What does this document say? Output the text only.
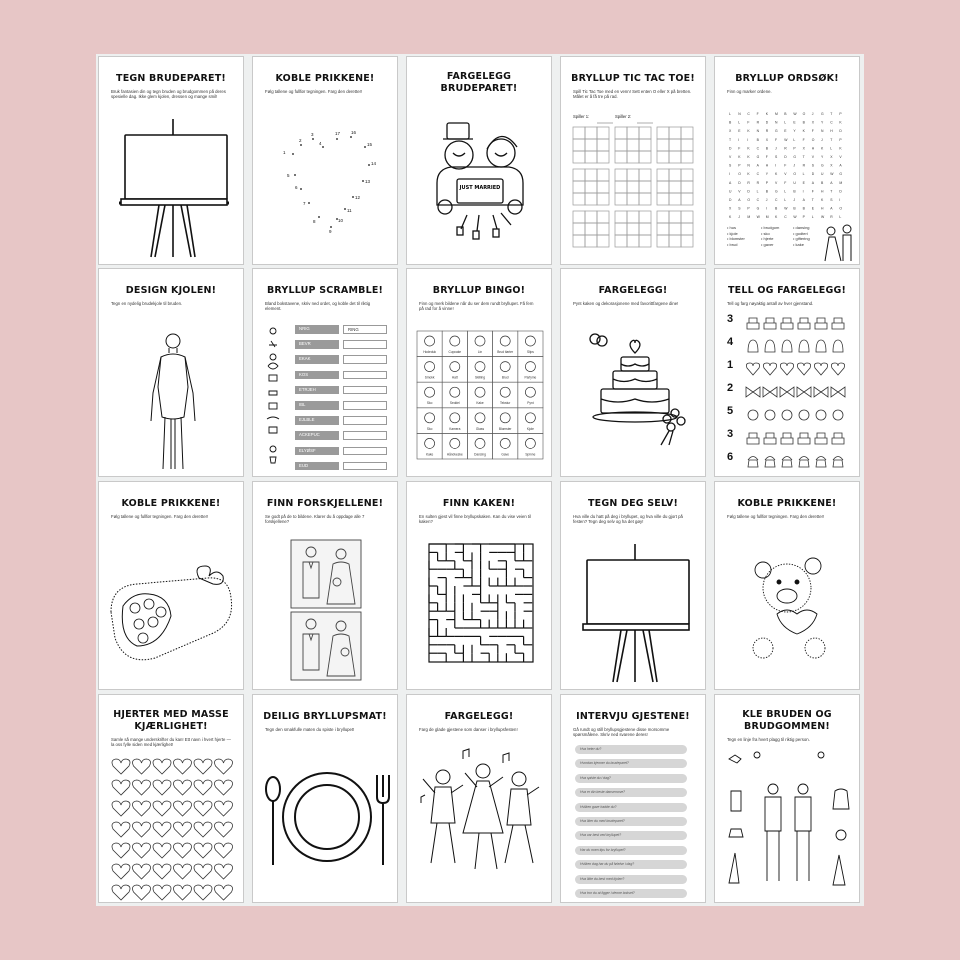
TEGN BRUDEPARET!
Bruk fantasien din og tegn bruden og brudgommen på deres spesielle dag. Ikke glem kjolen, dressen og mange smil!
KOBLE PRIKKENE!
Følg tallene og fullfør tegningen. Farg den deretter!
1
2
3
4
17 16
15
14
13
12
11
10
9
8
7
6
5
FARGELEGG BRUDEPARET!
JUST MARRIED
BRYLLUP TIC TAC TOE!
Spill Tic Tac Toe med en venn! Sett enten O eller X på bretten. Målet er å få tre på rad.
Spiller 1:	Spiller 2:
BRYLLUP ORDSØK!
Finn og marker ordene.
L N C F K M B W O J G T P
B L F R D N L E B X Y C K
X E K N R G E Y K F N H D
T I I B X F W L F O J T P
D F K C B J R P X H K L K
V K K G F S D G T V Y X V
S P N A H I F J R S G X A
I O K C Y K V O L D U W G
A D R R P V F U E A B A M
U V D L B G L B I F H T D
D A O C J C L J A T K S I
X S P G I B W B B E H A O
K J M W M K C W P L W R L
• hus
• kjole
• blomster
• brud
• brudgom
• sko
• hjerte
• gaver
• dansing
• godteri
• giftering
• kake
DESIGN KJOLEN!
Tegn en nydelig brudekjole til bruden.
BRYLLUP SCRAMBLE!
Bland bokstavene, skriv ned ordet, og koble det til riktig element.
RING
NRIG
BEVR
EKAK
KOS
ETRJEH
IBL
EJLBLE
ACKEPUC
ELYØSF
EUD
BRYLLUP BINGO!
Finn og merk bildene når du ser dem rundt bryllupet. Få fem på rad for å vinne!
Hodeduk	Cupcake	Lin	Brud tiarter	Slips
Smokk	Hatt	Skilling	Brud	Parfyme
Sko	Seddel	Kake	Tekstur	Pynt
Sko	Kamera	Glass	Blomster	Kjole
Kake	Håndveske	Dansing	Gave	Spinne
FARGELEGG!
Pynt kaken og dekorasjonene med favorittfargene dine!
TELL OG FARGELEGG!
Tell og farg nøyaktig antall av hver gjenstand.
3
4
1
2
5
3
6
KOBLE PRIKKENE!
Følg tallene og fullfør tegningen. Farg den deretter!
FINN FORSKJELLENE!
Se godt på de to bildene. Klarer du å oppdage alle 7 forskjellene?
FINN KAKEN!
En sulten gjest vil finne bryllupskaken. Kan du vise veien til kaken?
TEGN DEG SELV!
Hva ville du hatt på deg i bryllupet, og hva ville du gjort på festen? Tegn deg selv og ha det gøy!
KOBLE PRIKKENE!
Følg tallene og fullfør tegningen. Farg den deretter!
HJERTER MED MASSE KJÆRLIGHET!
Samle så mange underskrifter du kan! Ett navn i hvert hjerte — la oss fylle siden med kjærlighet!
DEILIG BRYLLUPSMAT!
Tegn den smakfulle maten du spiste i bryllupet!
FARGELEGG!
Farg de glade gjestene som danser i bryllupsfesten!
INTERVJU GJESTENE!
Gå rundt og still bryllupsgjestene disse morsomme spørsmålene. Skriv ned svarene deres!
Hva heter du?
Hvordan kjenner du brudeparet?
Hva spiste du i dag?
Hva er din beste dansemove?
Hvilken gave hadde du?
Hva liker du med brudeparet?
Hva var best ved bryllupet?
Har du noen tips for bryllupet?
Hvilken dag har du på følelse i dag?
Hva likte du best med kjolen?
Hva tror du at ligger i denne bokset?
KLE BRUDEN OG BRUDGOMMEN!
Tegn en linje fra hvert plagg til riktig person.
